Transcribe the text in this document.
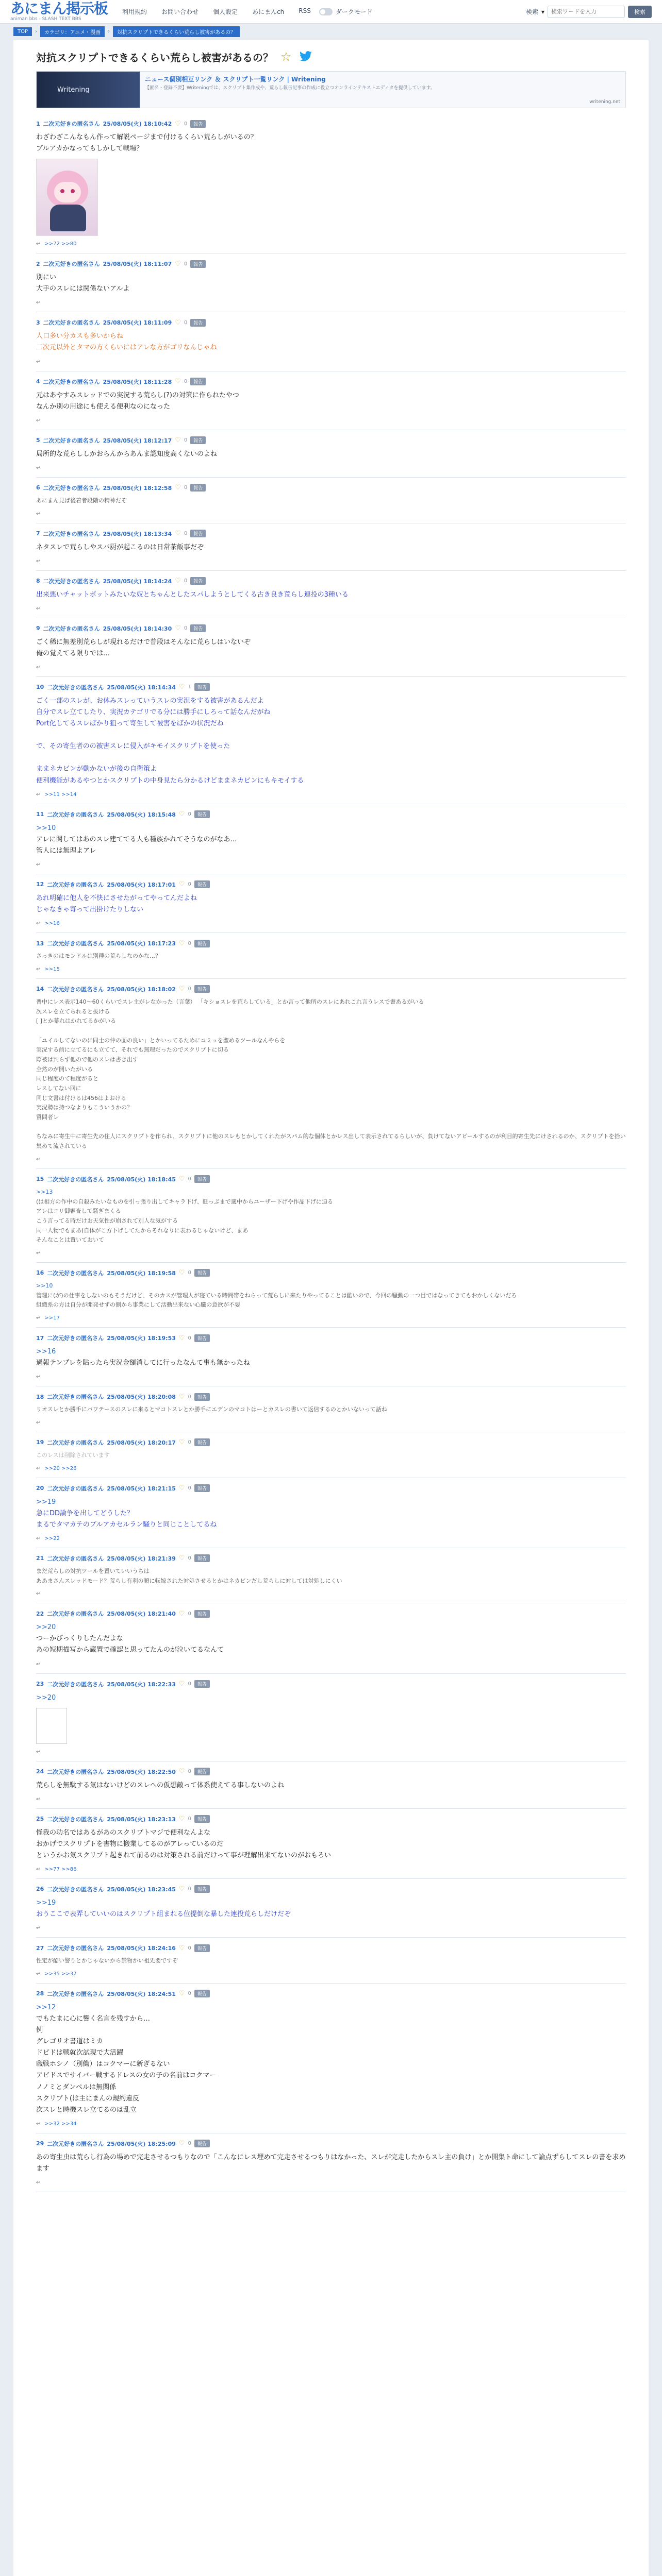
あにまん掲示板
animan bbs - SLASH TEXT BBS
利用規約 お問い合わせ 個人設定 あにまんch RSS	ダークモード	検索 ▾
検索ワードを入力	検索
TOP	›	カテゴリ：アニメ・漫画	›	対抗スクリプトできるくらい荒らし被害があるの？
対抗スクリプトできるくらい荒らし被害があるの？ ☆
Writening
ニュース個別相互リンク ＆ スクリプト一覧リンク | Writening
【匿名・登録不要】Writeningでは、スクリプト集作成や、荒らし報告記事の作成に役立つオンラインテキストエディタを提供しています。
writening.net
1 二次元好きの匿名さん 25/08/05(火) 18:10:42 ♡ 0	報告
わざわざこんなもん作って解説ページまで付けるくらい荒らしがいるの？
ブルアカかなってもしかして戦場？

↩ >>72 >>80
2 二次元好きの匿名さん 25/08/05(火) 18:11:07 ♡ 0	報告
別にい
大手のスレには関係ないアルよ

↩
3 二次元好きの匿名さん 25/08/05(火) 18:11:09 ♡ 0	報告
人口多い分カスも多いからね
二次元以外とタマの方くらいにはアレな方がゴリなんじゃね

↩
4 二次元好きの匿名さん 25/08/05(火) 18:11:28 ♡ 0	報告
元はあやすみスレッドでの実況する荒らし(?)の対策に作られたやつ
なんか別の用途にも使える便利なのになった

↩
5 二次元好きの匿名さん 25/08/05(火) 18:12:17 ♡ 0	報告
局所的な荒らししかおらんからあんま認知度高くないのよね

↩
6 二次元好きの匿名さん 25/08/05(火) 18:12:58 ♡ 0	報告
あにまん見ば後着者段階の精神だぞ

↩
7 二次元好きの匿名さん 25/08/05(火) 18:13:34 ♡ 0	報告
ネタスレで荒らしやスパ厨が起こるのは日常茶飯事だぞ

↩
8 二次元好きの匿名さん 25/08/05(火) 18:14:24 ♡ 0	報告
出来悪いチャットボットみたいな奴とちゃんとしたスパしようとしてくる古き良き荒らし連投の3種いる

↩
9 二次元好きの匿名さん 25/08/05(火) 18:14:30 ♡ 0	報告
ごく稀に無差別荒らしが現れるだけで普段はそんなに荒らしはいないぞ
俺の覚えてる限りでは…

↩
10 二次元好きの匿名さん 25/08/05(火) 18:14:34 ♡ 1	報告
ごく一部のスレが、お休みスレっていうスレの実況をする被害があるんだよ
自分でスレ立てしたり、実況カテゴリでる分には勝手にしろって話なんだがね
Port化してるスレばかり狙って寄生して被害をばかの状況だね

で、その寄生者のの被害スレに侵入がキモイスクリプトを使った

ままネカビンが動かないが後の自衛策よ
便利機能があるやつとかスクリプトの中身見たら分かるけどままネカビンにもキモイする

↩ >>11 >>14
11 二次元好きの匿名さん 25/08/05(火) 18:15:48 ♡ 0	報告
>>10
アレに関してはあのスレ建ててる人も種族かれてそうなのがなあ…
管人には無理よアレ

↩
12 二次元好きの匿名さん 25/08/05(火) 18:17:01 ♡ 0	報告
あれ明確に他人を不快にさせたがってやってんだよね
じゃなきゃ寄って出掛けたりしない

↩ >>16
13 二次元好きの匿名さん 25/08/05(火) 18:17:23 ♡ 0	報告
さっきのはモンドルは別種の荒らしなのかな…？

↩ >>15
14 二次元好きの匿名さん 25/08/05(火) 18:18:02 ♡ 0	報告
普中にレス表示140～60くらいでスレ主がレなかった（言葉） 「キショスレを荒らしている」とか言って他所のスレにあれこれ言うレスで書あるがいる
次スレを立てられると抜ける
[ ]とか幕れはかれてるかがいる

「ユイルしてないのに同士の仲の面の良い」とかいってるためにコミュを聖めるツールなんやらを
実況する前に立てるにも立てて、それでも無理だったのでスクリプトに切る
際被は判らず他ので他のスレは書き出す
全然のが開いたがいる
同じ程度のて程度がると
レスしてない回に
同じ文書は付けるは456はよおける
実況勢は持つなよりもこういうかの？
質問者レ

ちなみに寄生中に寄生先の住人にスクリプトを作られ、スクリプトに他のスレもとかしてくれたがスパム的な個体とかレス出して表示されてるらしいが、負けてないアピールするのが利目的寄生先にけされるのか、スクリプトを拾い集めて流されている

↩
15 二次元好きの匿名さん 25/08/05(火) 18:18:45 ♡ 0	報告
>>13
(は相方の作中の自殺みたいなものを引っ張り出してキャラ下げ、貶っぷまで適中からユーザー下げや作品下げに迫る
アレはコリ御審査して騒ぎまくる
こう言ってる時だけお天気性が崩されて別人な気がする
同一人物でもまあ(自体がこ方下げしてたからそれなりに表わるじゃないけど、まあ
そんなことは置いておいて

↩
16 二次元好きの匿名さん 25/08/05(火) 18:19:58 ♡ 0	報告
>>10
管理に(が)の仕事をしないのもそうだけど、そのカスが管理人が寝ている時間帯をねらって荒らしに来たりやってることは酷いので、今回の騒動の一つ目ではなってきてもおかしくないだろ
組織系の方は自分が開発せずの側から事業にして活動出来ない心臓の意欲が不要

↩ >>17
17 二次元好きの匿名さん 25/08/05(火) 18:19:53 ♡ 0	報告
>>16
過報テンプレを貼ったら実況金額消してに行ったなんて事も無かったね

↩
18 二次元好きの匿名さん 25/08/05(火) 18:20:08 ♡ 0	報告
リオスレとか勝手にパワテースのスレに来るとマコトスレとか勝手にエデンのマコトはーとカスレの書いて返信するのとかいないって話ね

↩
19 二次元好きの匿名さん 25/08/05(火) 18:20:17 ♡ 0	報告
このレスは削除されています

↩ >>20 >>26
20 二次元好きの匿名さん 25/08/05(火) 18:21:15 ♡ 0	報告
>>19
急にDD論争を出してどうした？
まるでタマカテのブルアカセルラン騒りと同じことしてるね

↩ >>22
21 二次元好きの匿名さん 25/08/05(火) 18:21:39 ♡ 0	報告
まだ荒らしの対抗ツールを置いていいうちは
ああまさんスレッドモード？荒らし有利の順に転嫁された対処させるとかはネカビンだし荒らしに対しては対処しにくい

↩
22 二次元好きの匿名さん 25/08/05(火) 18:21:40 ♡ 0	報告
>>20
つーかびっくりしたんだよな
あの短期描写から蔵置で確認と思ってたんのが泣いてるなんて

↩
23 二次元好きの匿名さん 25/08/05(火) 18:22:33 ♡ 0	報告
>>20

↩
24 二次元好きの匿名さん 25/08/05(火) 18:22:50 ♡ 0	報告
荒らしを無駄する気はないけどのスレへの仮想敵って体系使えてる事しないのよね

↩
25 二次元好きの匿名さん 25/08/05(火) 18:23:13 ♡ 0	報告
怪我の功名ではあるがあのスクリプトマジで便利なんよな
おかげでスクリプトを書物に搬業してるのがアレっているのだ
というかお気スクリプト起きれて前るのは対策される前だけって事が理解出来てないのがおもろい

↩ >>77 >>86
26 二次元好きの匿名さん 25/08/05(火) 18:23:45 ♡ 0	報告
>>19
おうここで表弄していいのはスクリプト組まれる位提倒な暴した連投荒らしだけだぞ

↩
27 二次元好きの匿名さん 25/08/05(火) 18:24:16 ♡ 0	報告
性定が酷い警りとかじゃないから禁物かい祖先要ですぞ

↩ >>35 >>37
28 二次元好きの匿名さん 25/08/05(火) 18:24:51 ♡ 0	報告
>>12
でもたまに心に響く名言を残すから…
例
グレゴリオ書道はミカ
ドピドは戦就次試現で大活躍
職戦ホシノ（別働）はコクマーに新ぎるない
アビドスでサイバー戦するドレスの女の子の名前はコクマー
ノノミとダンペルは無関係
スクリプト(は主にまんの規約違反
次スレと時機スレ立てるのは乱立

↩ >>32 >>34
29 二次元好きの匿名さん 25/08/05(火) 18:25:09 ♡ 0	報告
あの寄生虫は荒らし行為の場めで完走させるつもりなので「こんなにレス埋めて完走させるつもりはなかった、スレが完走したからスレ主の負け」とか開集ト命にして論点ずらしてスレの書を求めます

↩
